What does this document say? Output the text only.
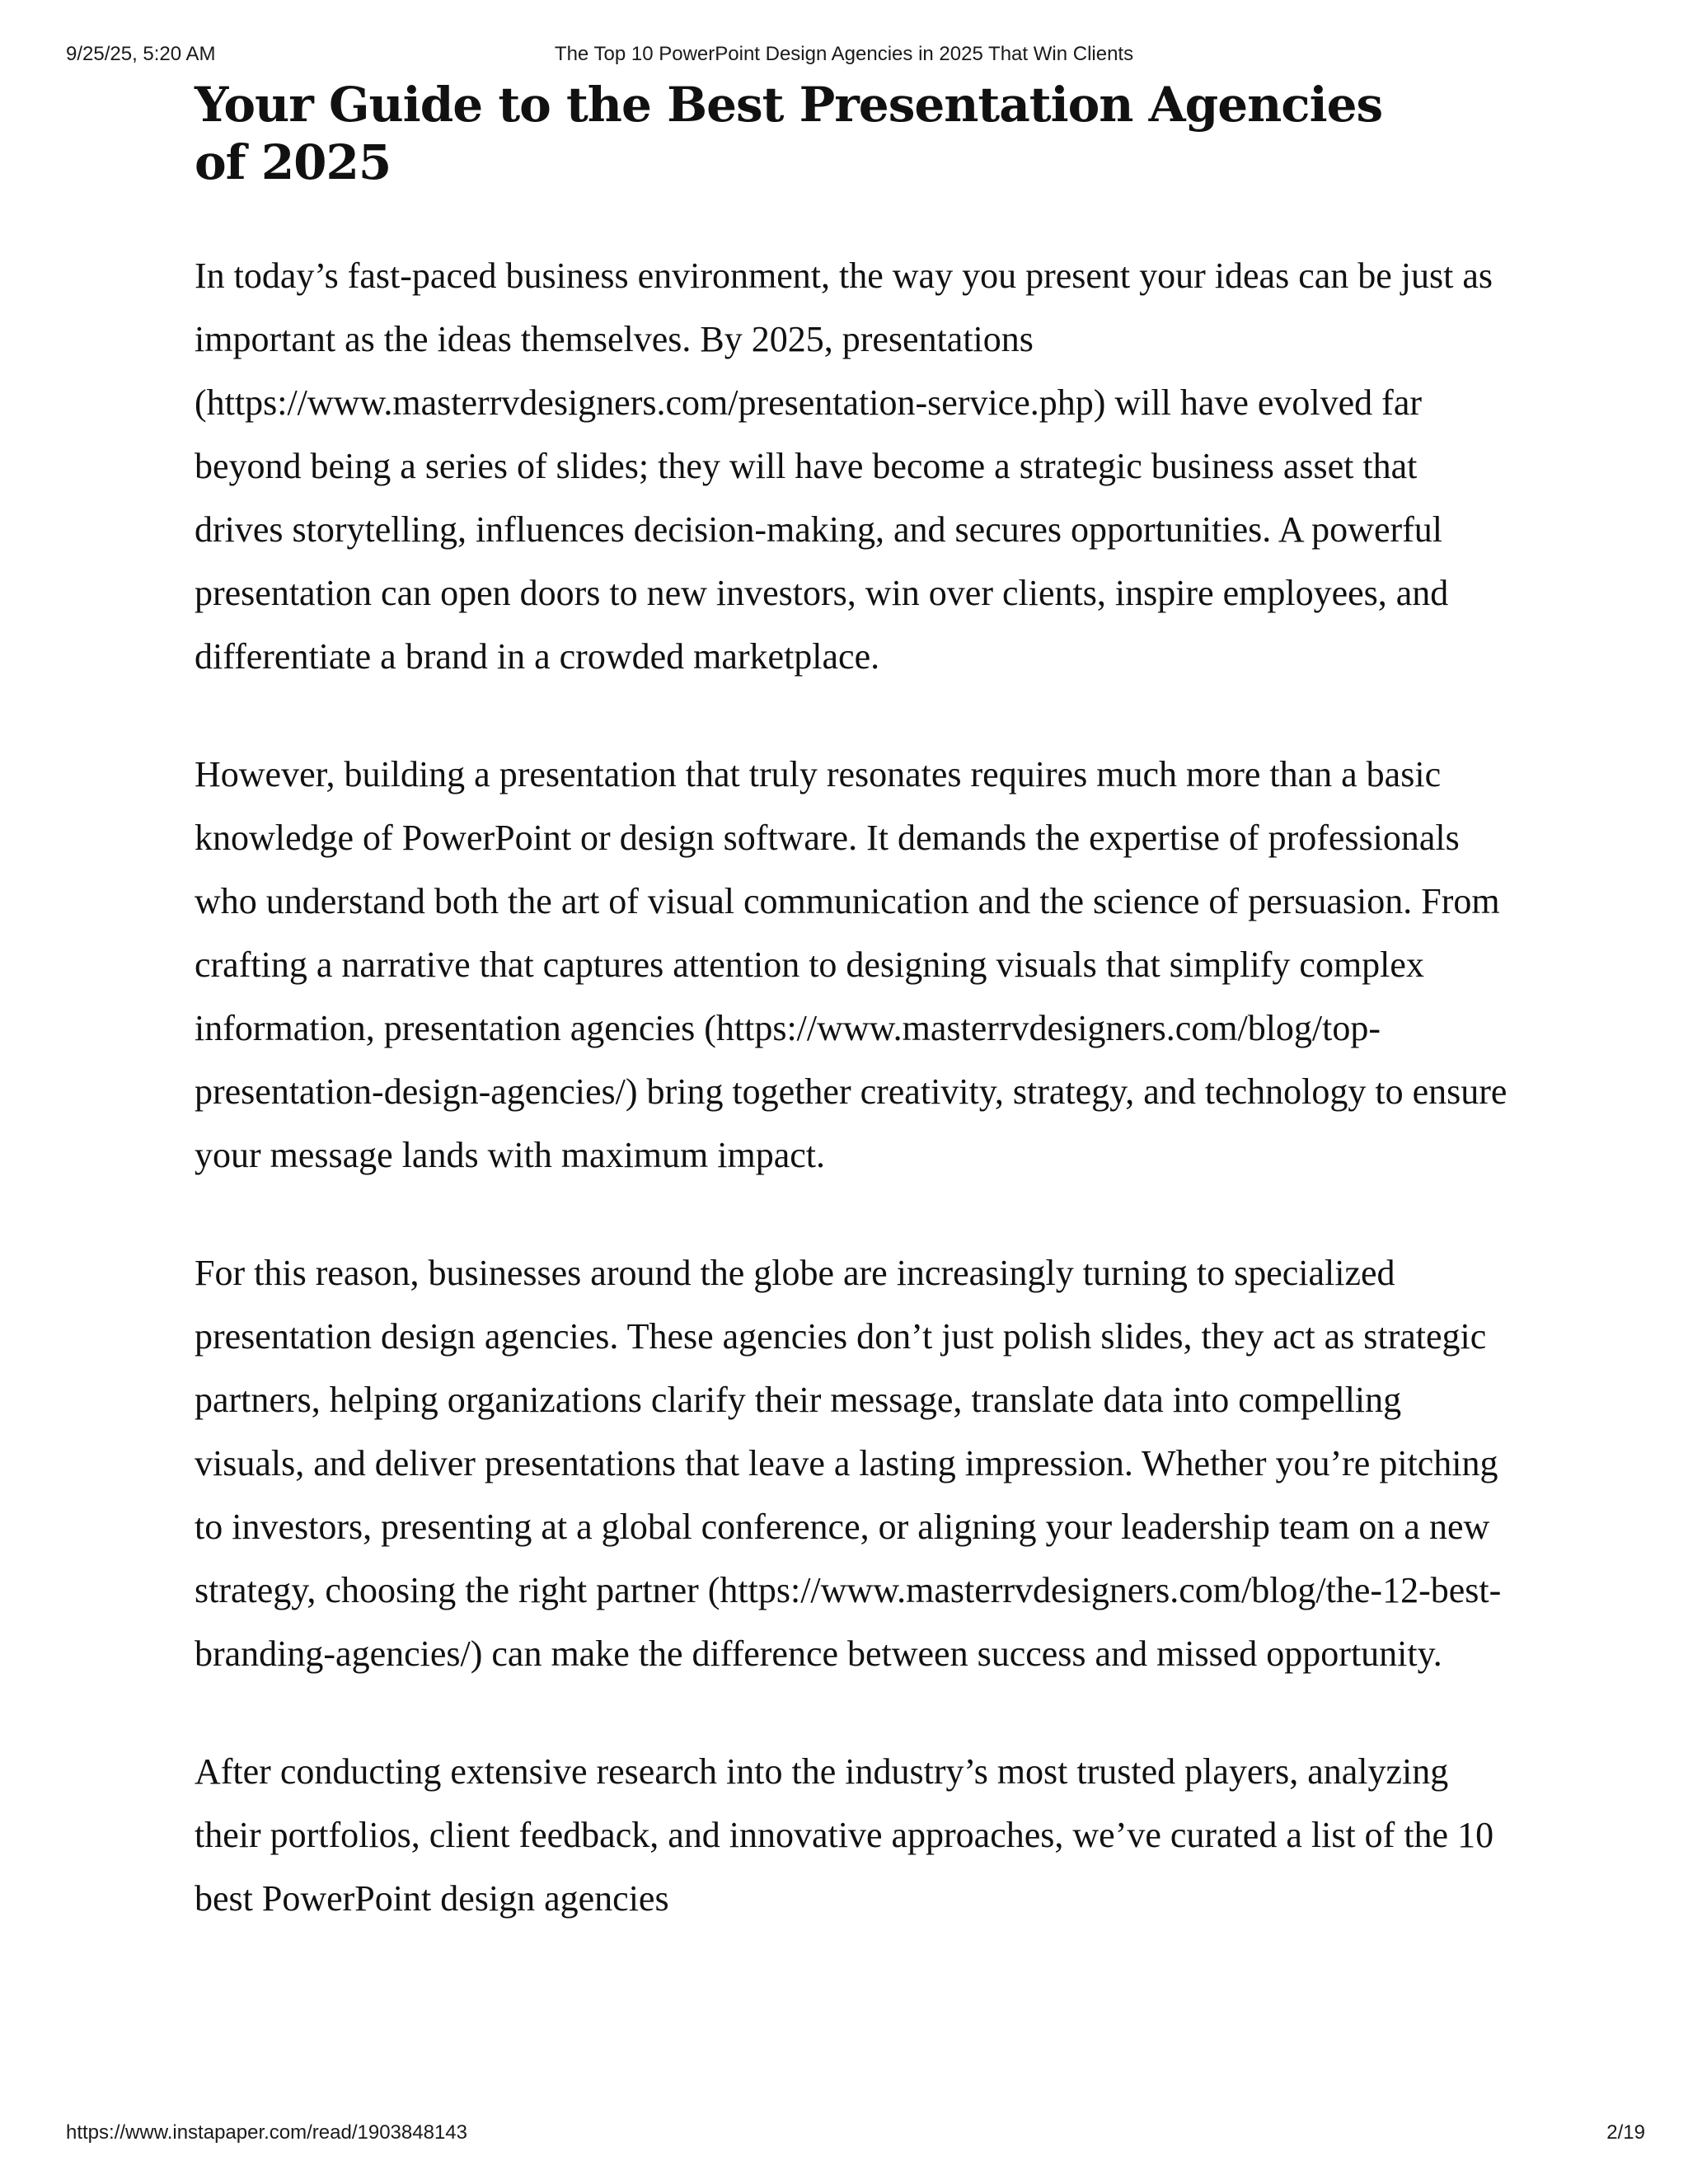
9/25/25, 5:20 AM	The Top 10 PowerPoint Design Agencies in 2025 That Win Clients
Your Guide to the Best Presentation Agencies of 2025

In today’s fast-paced business environment, the way you present your ideas can be just as important as the ideas themselves. By 2025, presentations (https://www.masterrvdesigners.com/presentation-service.php) will have evolved far beyond being a series of slides; they will have become a strategic business asset that drives storytelling, influences decision-making, and secures opportunities. A powerful presentation can open doors to new investors, win over clients, inspire employees, and differentiate a brand in a crowded marketplace.

However, building a presentation that truly resonates requires much more than a basic knowledge of PowerPoint or design software. It demands the expertise of professionals who understand both the art of visual communication and the science of persuasion. From crafting a narrative that captures attention to designing visuals that simplify complex information, presentation agencies (https://www.masterrvdesigners.com/blog/top-presentation-design-agencies/) bring together creativity, strategy, and technology to ensure your message lands with maximum impact.

For this reason, businesses around the globe are increasingly turning to specialized presentation design agencies. These agencies don’t just polish slides, they act as strategic partners, helping organizations clarify their message, translate data into compelling visuals, and deliver presentations that leave a lasting impression. Whether you’re pitching to investors, presenting at a global conference, or aligning your leadership team on a new strategy, choosing the right partner (https://www.masterrvdesigners.com/blog/the-12-best-branding-agencies/) can make the difference between success and missed opportunity.

After conducting extensive research into the industry’s most trusted players, analyzing their portfolios, client feedback, and innovative approaches, we’ve curated a list of the 10 best PowerPoint design agencies

https://www.instapaper.com/read/1903848143	2/19
